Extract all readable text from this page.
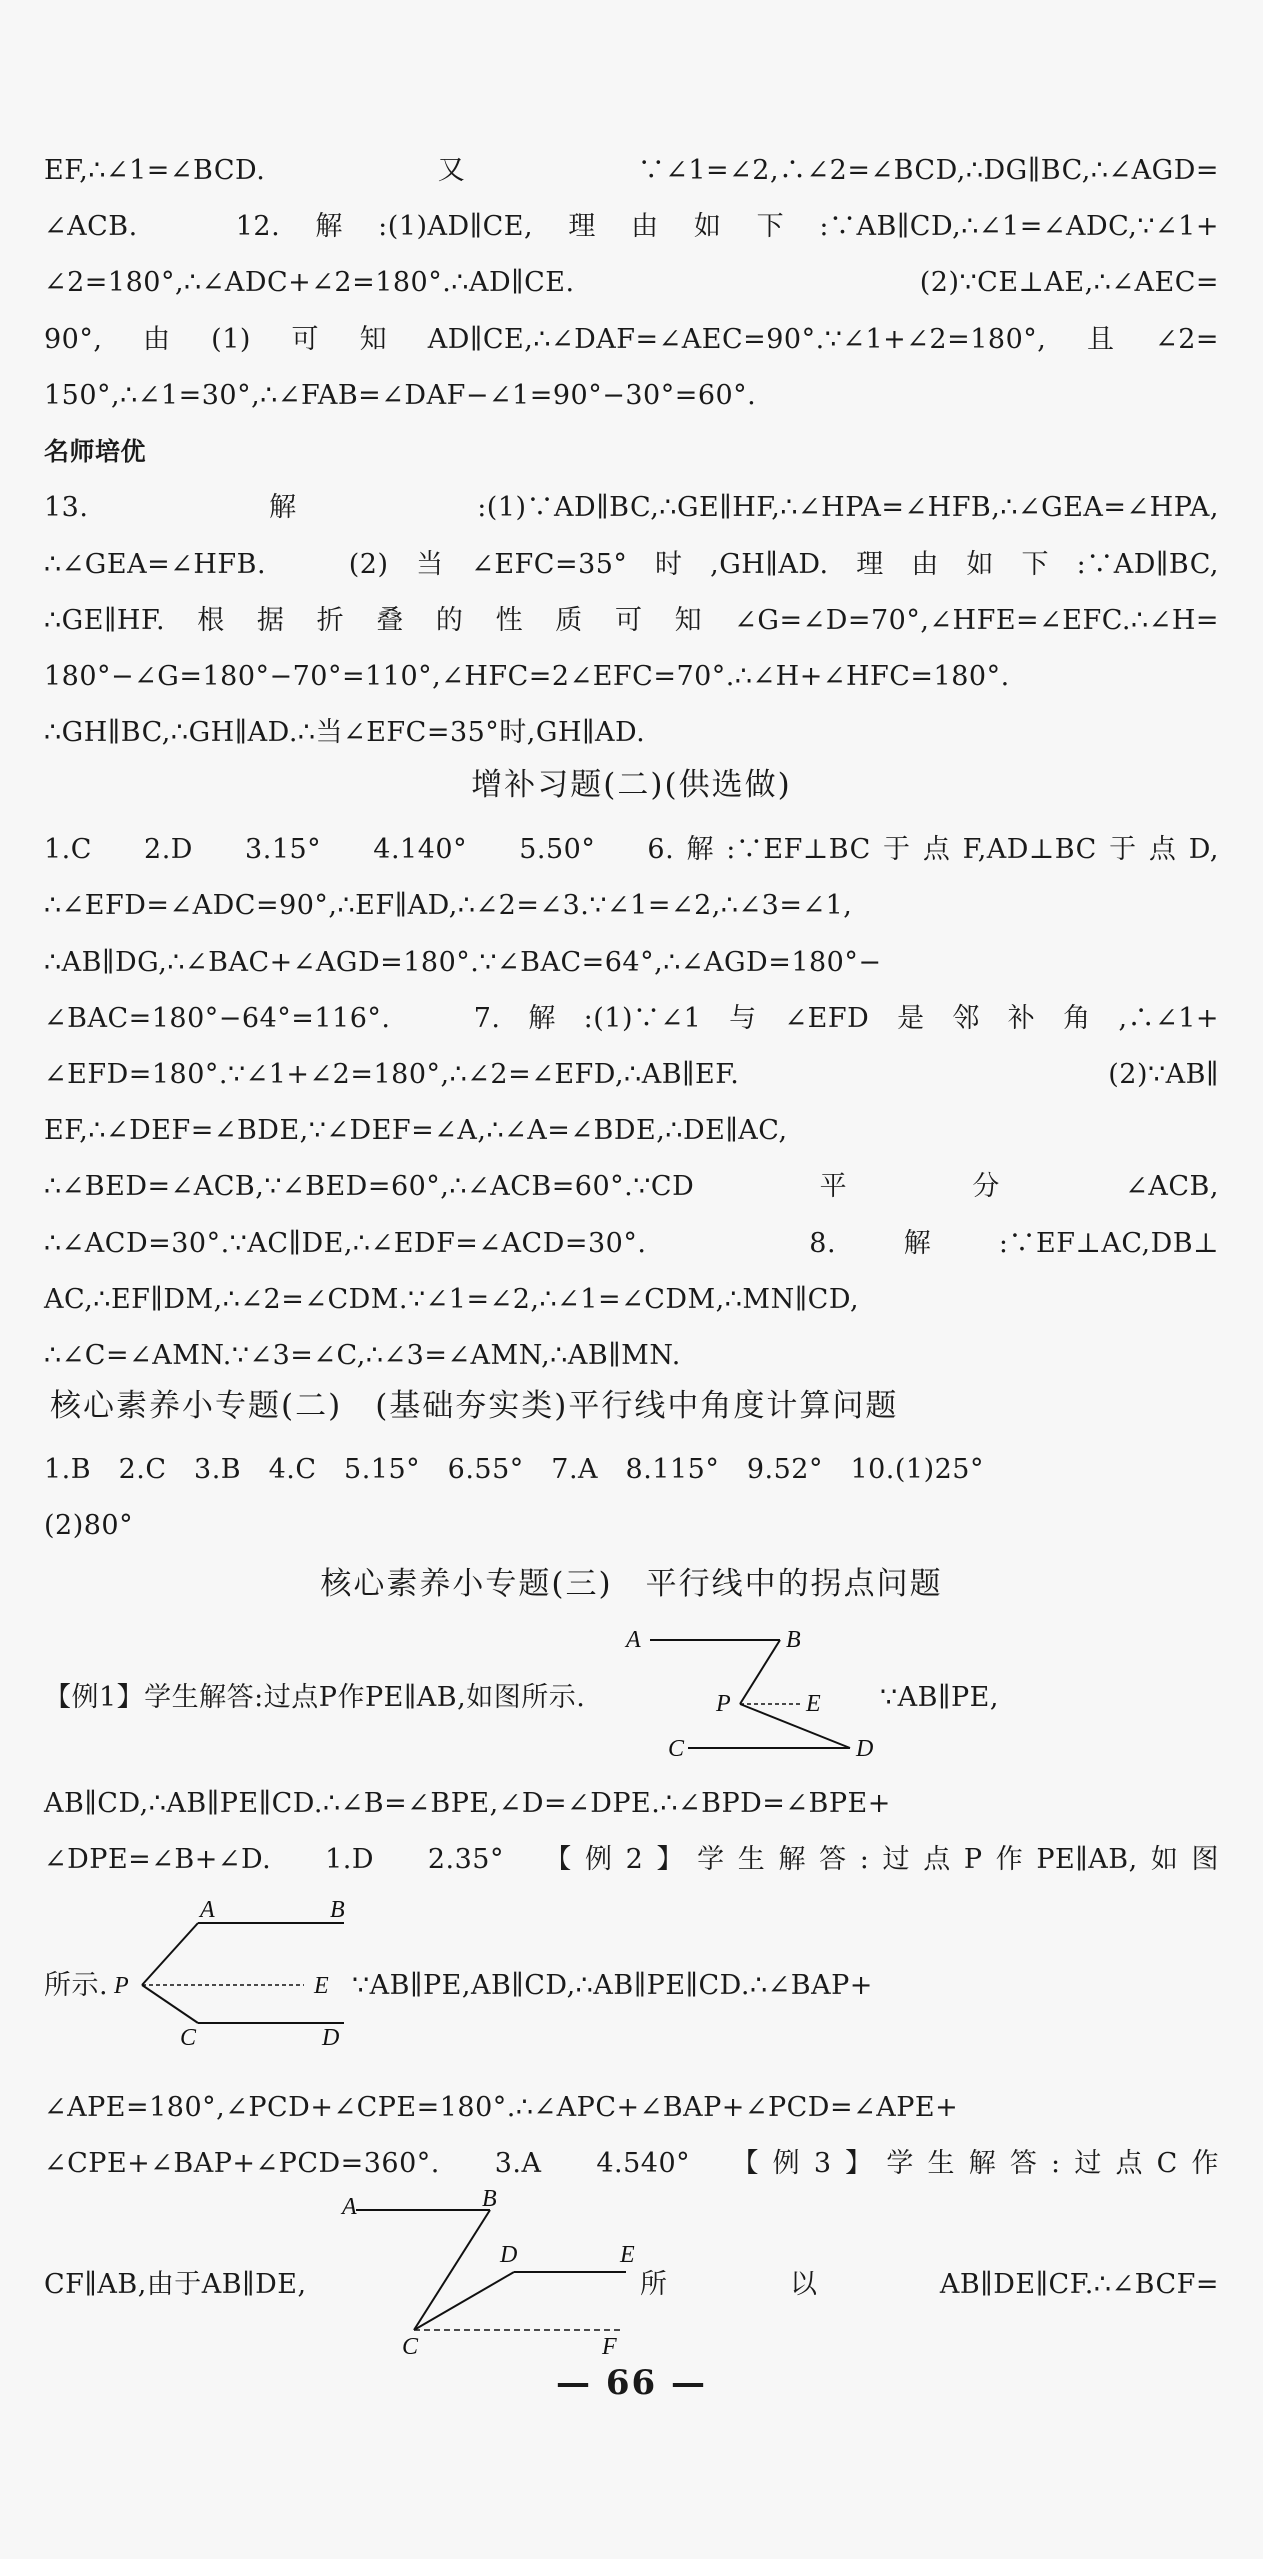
EF,∴∠1=∠BCD.又∵∠1=∠2,∴∠2=∠BCD,∴DG∥BC,∴∠AGD=
∠ACB.　12.解:(1)AD∥CE,理由如下:∵AB∥CD,∴∠1=∠ADC,∵∠1+
∠2=180°,∴∠ADC+∠2=180°.∴AD∥CE.　(2)∵CE⊥AE,∴∠AEC=
90°,由(1)可知AD∥CE,∴∠DAF=∠AEC=90°.∵∠1+∠2=180°,且∠2=
150°,∴∠1=30°,∴∠FAB=∠DAF−∠1=90°−30°=60°.
名师培优
13.解:(1)∵AD∥BC,∴GE∥HF,∴∠HPA=∠HFB,∴∠GEA=∠HPA,
∴∠GEA=∠HFB.　(2)当∠EFC=35°时,GH∥AD.理由如下:∵AD∥BC,
∴GE∥HF.根据折叠的性质可知∠G=∠D=70°,∠HFE=∠EFC.∴∠H=
180°−∠G=180°−70°=110°,∠HFC=2∠EFC=70°.∴∠H+∠HFC=180°.
∴GH∥BC,∴GH∥AD.∴当∠EFC=35°时,GH∥AD.
增补习题(二)(供选做)
1.C　2.D　3.15°　4.140°　5.50°　6.解:∵EF⊥BC于点F,AD⊥BC于点D,
∴∠EFD=∠ADC=90°,∴EF∥AD,∴∠2=∠3.∵∠1=∠2,∴∠3=∠1,
∴AB∥DG,∴∠BAC+∠AGD=180°.∵∠BAC=64°,∴∠AGD=180°−
∠BAC=180°−64°=116°.　7.解:(1)∵∠1与∠EFD是邻补角,∴∠1+
∠EFD=180°.∵∠1+∠2=180°,∴∠2=∠EFD,∴AB∥EF.　(2)∵AB∥
EF,∴∠DEF=∠BDE,∵∠DEF=∠A,∴∠A=∠BDE,∴DE∥AC,
∴∠BED=∠ACB,∵∠BED=60°,∴∠ACB=60°.∵CD平分∠ACB,
∴∠ACD=30°.∵AC∥DE,∴∠EDF=∠ACD=30°.　8.解:∵EF⊥AC,DB⊥
AC,∴EF∥DM,∴∠2=∠CDM.∵∠1=∠2,∴∠1=∠CDM,∴MN∥CD,
∴∠C=∠AMN.∵∠3=∠C,∴∠3=∠AMN,∴AB∥MN.
核心素养小专题(二)　(基础夯实类)平行线中角度计算问题
1.B　2.C　3.B　4.C　5.15°　6.55°　7.A　8.115°　9.52°　10.(1)25°
(2)80°
核心素养小专题(三)　平行线中的拐点问题
【例1】学生解答:过点P作PE∥AB,如图所示.	∵AB∥PE,
A	B
P	E
C	D
AB∥CD,∴AB∥PE∥CD.∴∠B=∠BPE,∠D=∠DPE.∴∠BPD=∠BPE+
∠DPE=∠B+∠D.　1.D　2.35°　【例2】学生解答:过点P作PE∥AB,如图
所示.
A	B
P	E
C	D
∵AB∥PE,AB∥CD,∴AB∥PE∥CD.∴∠BAP+
∠APE=180°,∠PCD+∠CPE=180°.∴∠APC+∠BAP+∠PCD=∠APE+
∠CPE+∠BAP+∠PCD=360°.　3.A　4.540°　【例3】学生解答:过点C作
CF∥AB,由于AB∥DE,
A	B
D	E
C	F
所以AB∥DE∥CF.∴∠BCF=
— 66 —
